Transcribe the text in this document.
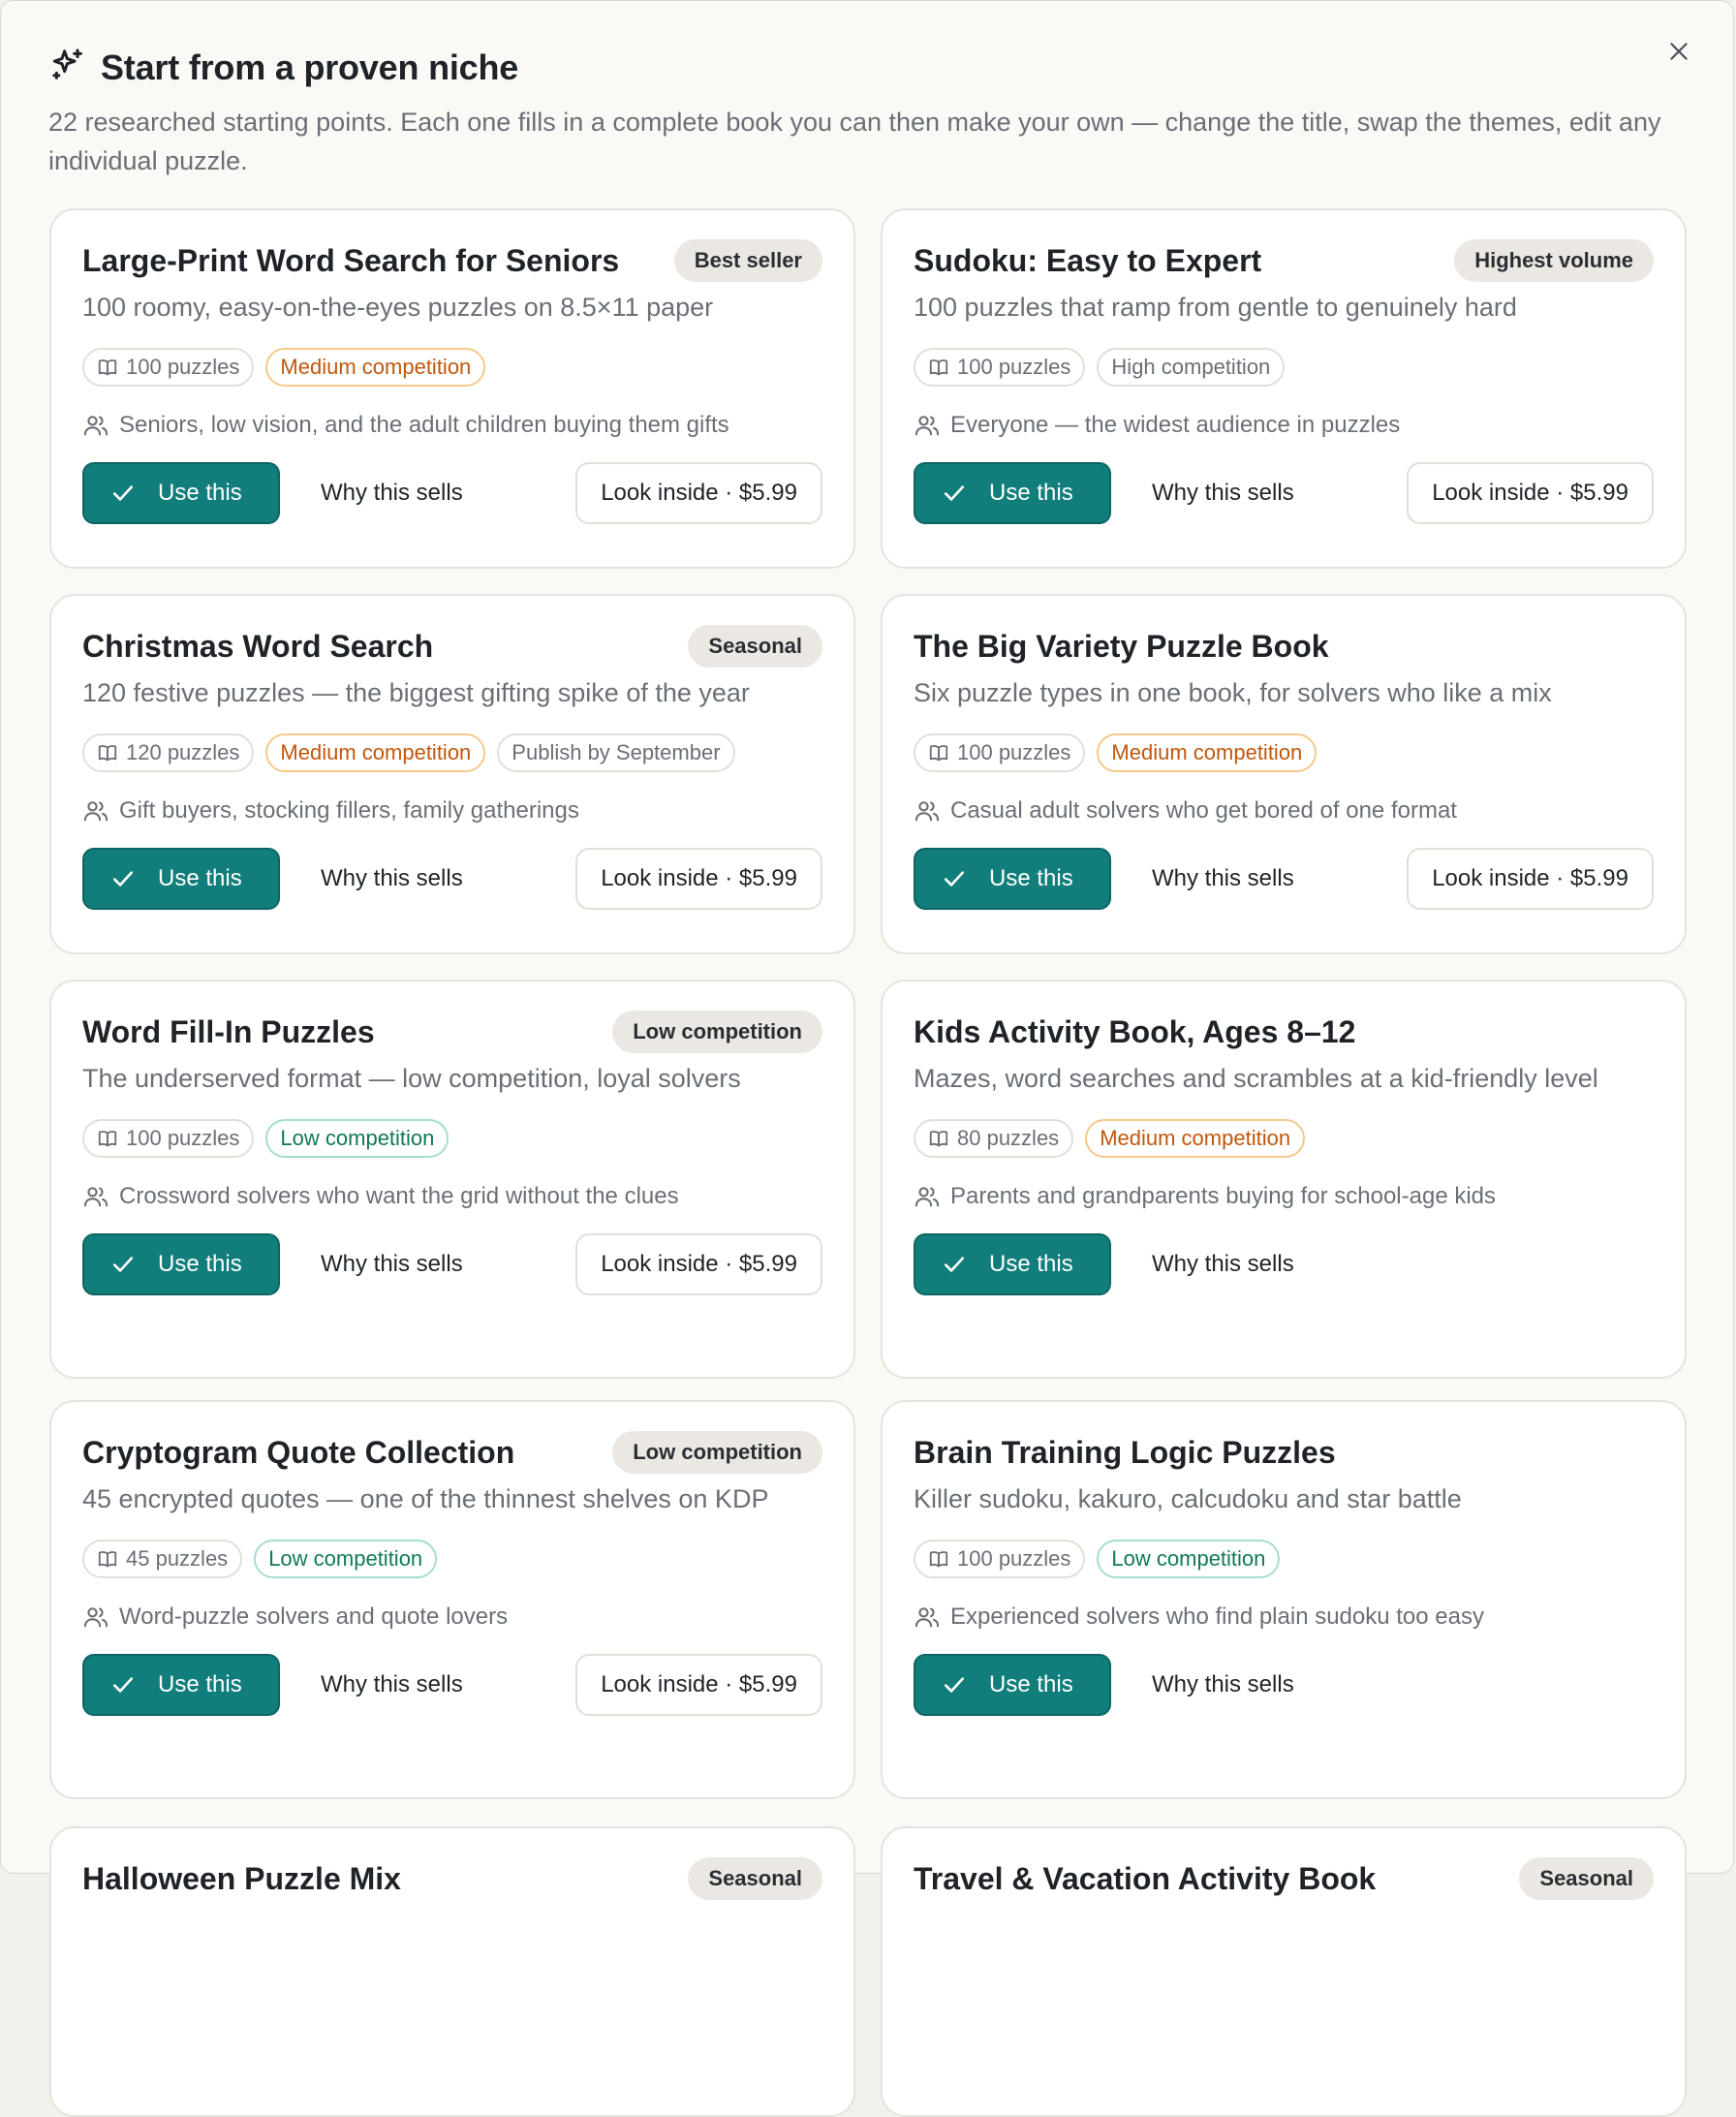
Start from a proven niche
22 researched starting points. Each one fills in a complete book you can then make your own — change the title, swap the themes, edit any individual puzzle.
Large-Print Word Search for Seniors	Best seller
100 roomy, easy-on-the-eyes puzzles on 8.5×11 paper
100 puzzles	Medium competition
Seniors, low vision, and the adult children buying them gifts
Use this	Why this sells	Look inside · $5.99
Sudoku: Easy to Expert	Highest volume
100 puzzles that ramp from gentle to genuinely hard
100 puzzles	High competition
Everyone — the widest audience in puzzles
Use this	Why this sells	Look inside · $5.99
Christmas Word Search	Seasonal
120 festive puzzles — the biggest gifting spike of the year
120 puzzles	Medium competition	Publish by September
Gift buyers, stocking fillers, family gatherings
Use this	Why this sells	Look inside · $5.99
The Big Variety Puzzle Book
Six puzzle types in one book, for solvers who like a mix
100 puzzles	Medium competition
Casual adult solvers who get bored of one format
Use this	Why this sells	Look inside · $5.99
Word Fill-In Puzzles	Low competition
The underserved format — low competition, loyal solvers
100 puzzles	Low competition
Crossword solvers who want the grid without the clues
Use this	Why this sells	Look inside · $5.99
Kids Activity Book, Ages 8–12
Mazes, word searches and scrambles at a kid-friendly level
80 puzzles	Medium competition
Parents and grandparents buying for school-age kids
Use this	Why this sells
Cryptogram Quote Collection	Low competition
45 encrypted quotes — one of the thinnest shelves on KDP
45 puzzles	Low competition
Word-puzzle solvers and quote lovers
Use this	Why this sells	Look inside · $5.99
Brain Training Logic Puzzles
Killer sudoku, kakuro, calcudoku and star battle
100 puzzles	Low competition
Experienced solvers who find plain sudoku too easy
Use this	Why this sells
Halloween Puzzle Mix	Seasonal	Travel & Vacation Activity Book	Seasonal
